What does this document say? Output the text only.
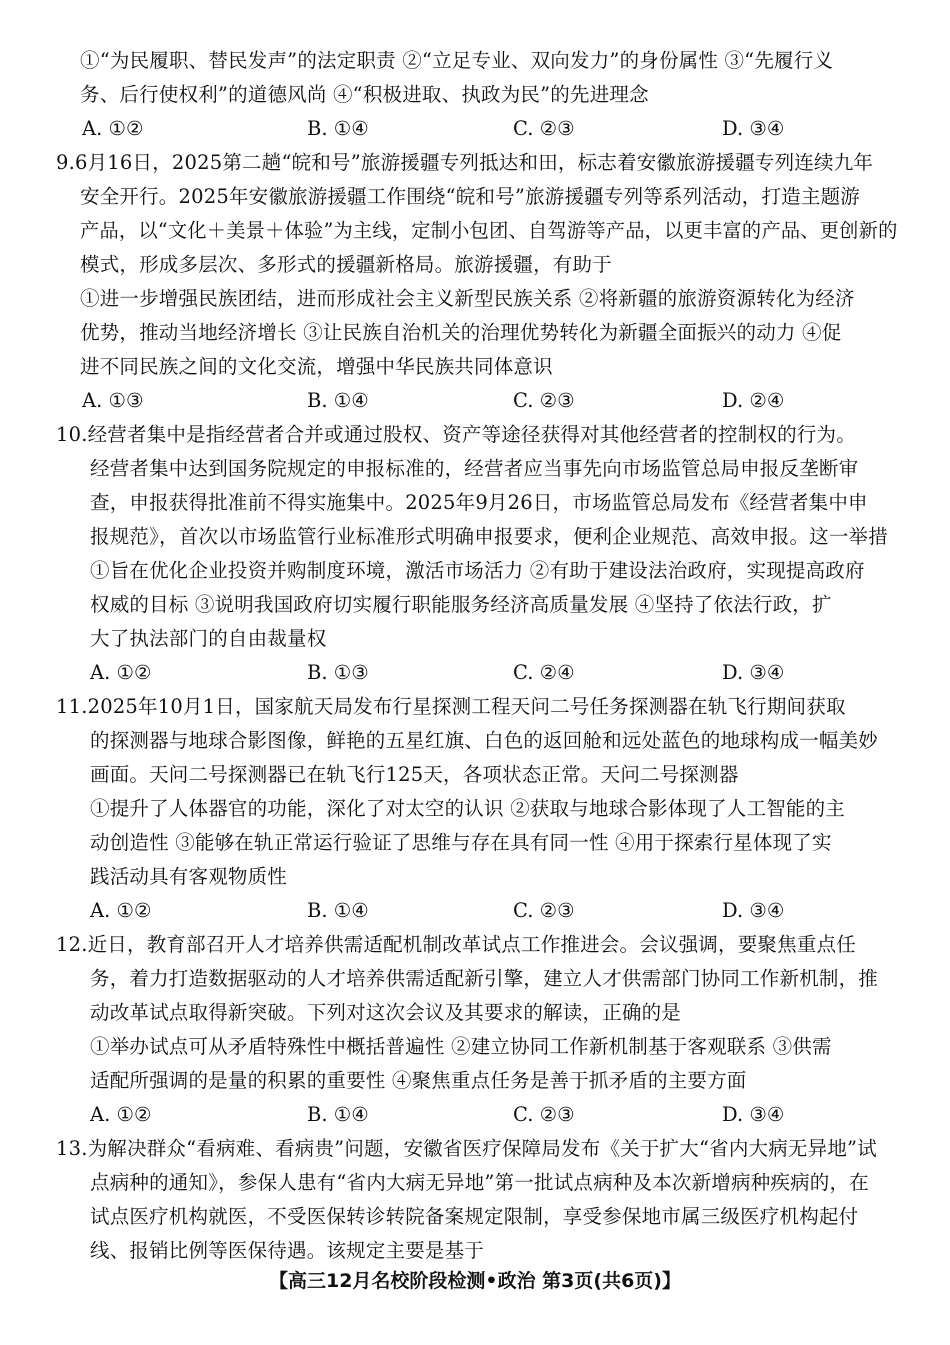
①“为民履职、替民发声”的法定职责 ②“立足专业、双向发力”的身份属性 ③“先履行义
务、后行使权利”的道德风尚 ④“积极进取、执政为民”的先进理念
A. ①②	B. ①④	C. ②③	D. ③④
9.6月16日，2025第二趟“皖和号”旅游援疆专列抵达和田，标志着安徽旅游援疆专列连续九年
安全开行。2025年安徽旅游援疆工作围绕“皖和号”旅游援疆专列等系列活动，打造主题游
产品，以“文化＋美景＋体验”为主线，定制小包团、自驾游等产品，以更丰富的产品、更创新的
模式，形成多层次、多形式的援疆新格局。旅游援疆，有助于
①进一步增强民族团结，进而形成社会主义新型民族关系 ②将新疆的旅游资源转化为经济
优势，推动当地经济增长 ③让民族自治机关的治理优势转化为新疆全面振兴的动力 ④促
进不同民族之间的文化交流，增强中华民族共同体意识
A. ①③	B. ①④	C. ②③	D. ②④
10.经营者集中是指经营者合并或通过股权、资产等途径获得对其他经营者的控制权的行为。
经营者集中达到国务院规定的申报标准的，经营者应当事先向市场监管总局申报反垄断审
查，申报获得批准前不得实施集中。2025年9月26日，市场监管总局发布《经营者集中申
报规范》，首次以市场监管行业标准形式明确申报要求，便利企业规范、高效申报。这一举措
①旨在优化企业投资并购制度环境，激活市场活力 ②有助于建设法治政府，实现提高政府
权威的目标 ③说明我国政府切实履行职能服务经济高质量发展 ④坚持了依法行政，扩
大了执法部门的自由裁量权
A. ①②	B. ①③	C. ②④	D. ③④
11.2025年10月1日，国家航天局发布行星探测工程天问二号任务探测器在轨飞行期间获取
的探测器与地球合影图像，鲜艳的五星红旗、白色的返回舱和远处蓝色的地球构成一幅美妙
画面。天问二号探测器已在轨飞行125天，各项状态正常。天问二号探测器
①提升了人体器官的功能，深化了对太空的认识 ②获取与地球合影体现了人工智能的主
动创造性 ③能够在轨正常运行验证了思维与存在具有同一性 ④用于探索行星体现了实
践活动具有客观物质性
A. ①②	B. ①④	C. ②③	D. ③④
12.近日，教育部召开人才培养供需适配机制改革试点工作推进会。会议强调，要聚焦重点任
务，着力打造数据驱动的人才培养供需适配新引擎，建立人才供需部门协同工作新机制，推
动改革试点取得新突破。下列对这次会议及其要求的解读，正确的是
①举办试点可从矛盾特殊性中概括普遍性 ②建立协同工作新机制基于客观联系 ③供需
适配所强调的是量的积累的重要性 ④聚焦重点任务是善于抓矛盾的主要方面
A. ①②	B. ①④	C. ②③	D. ③④
13.为解决群众“看病难、看病贵”问题，安徽省医疗保障局发布《关于扩大“省内大病无异地”试
点病种的通知》，参保人患有“省内大病无异地”第一批试点病种及本次新增病种疾病的，在
试点医疗机构就医，不受医保转诊转院备案规定限制，享受参保地市属三级医疗机构起付
线、报销比例等医保待遇。该规定主要是基于
【高三12月名校阶段检测•政治 第3页(共6页)】
